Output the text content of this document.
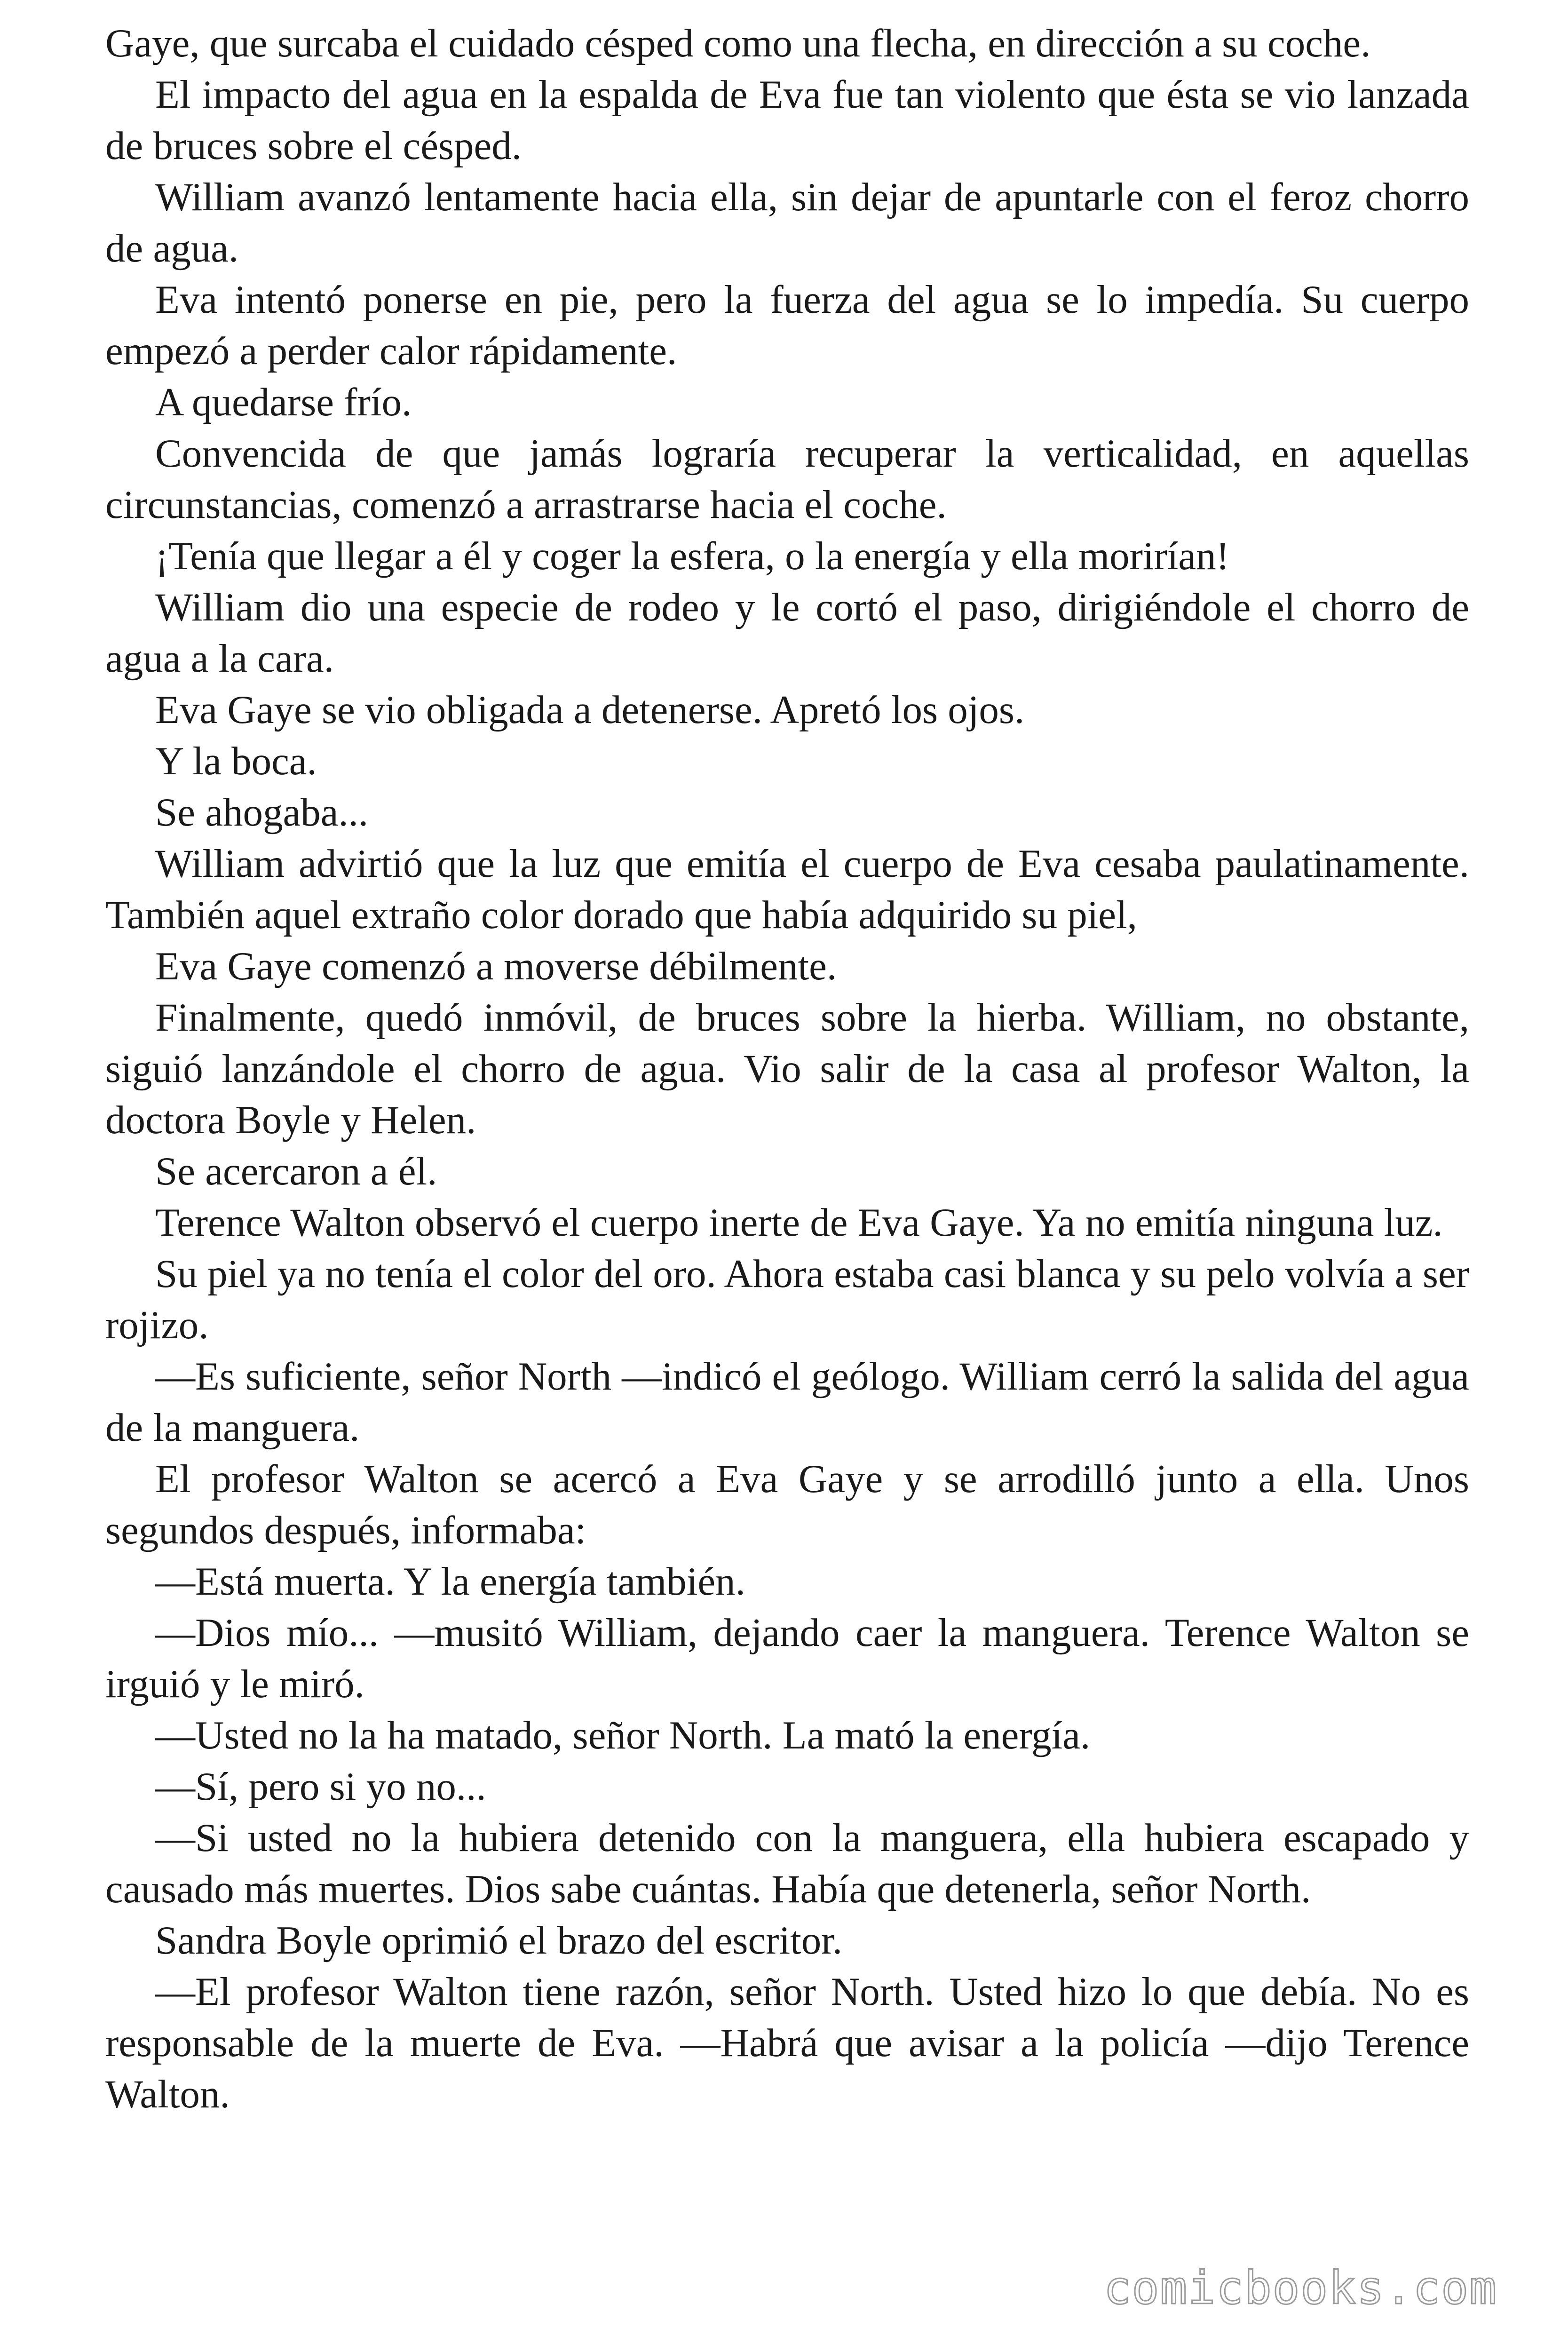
Gaye, que surcaba el cuidado césped como una flecha, en dirección a su coche.

El impacto del agua en la espalda de Eva fue tan violento que ésta se vio lanzada de bruces sobre el césped.

William avanzó lentamente hacia ella, sin dejar de apuntarle con el feroz chorro de agua.

Eva intentó ponerse en pie, pero la fuerza del agua se lo impedía. Su cuerpo empezó a perder calor rápidamente.

A quedarse frío.

Convencida de que jamás lograría recuperar la verticalidad, en aquellas circunstancias, comenzó a arrastrarse hacia el coche.

¡Tenía que llegar a él y coger la esfera, o la energía y ella morirían!

William dio una especie de rodeo y le cortó el paso, dirigiéndole el chorro de agua a la cara.

Eva Gaye se vio obligada a detenerse. Apretó los ojos.

Y la boca.

Se ahogaba...

William advirtió que la luz que emitía el cuerpo de Eva cesaba paulatinamente. También aquel extraño color dorado que había adquirido su piel,

Eva Gaye comenzó a moverse débilmente.

Finalmente, quedó inmóvil, de bruces sobre la hierba. William, no obstante, siguió lanzándole el chorro de agua. Vio salir de la casa al profesor Walton, la doctora Boyle y Helen.

Se acercaron a él.

Terence Walton observó el cuerpo inerte de Eva Gaye. Ya no emitía ninguna luz.

Su piel ya no tenía el color del oro. Ahora estaba casi blanca y su pelo volvía a ser rojizo.

—Es suficiente, señor North —indicó el geólogo. William cerró la salida del agua de la manguera.

El profesor Walton se acercó a Eva Gaye y se arrodilló junto a ella. Unos segundos después, informaba:

—Está muerta. Y la energía también.

—Dios mío... —musitó William, dejando caer la manguera. Terence Walton se irguió y le miró.

—Usted no la ha matado, señor North. La mató la energía.

—Sí, pero si yo no...

—Si usted no la hubiera detenido con la manguera, ella hubiera escapado y causado más muertes. Dios sabe cuántas. Había que detenerla, señor North.

Sandra Boyle oprimió el brazo del escritor.

—El profesor Walton tiene razón, señor North. Usted hizo lo que debía. No es responsable de la muerte de Eva. —Habrá que avisar a la policía —dijo Terence Walton.

comicbooks.com
